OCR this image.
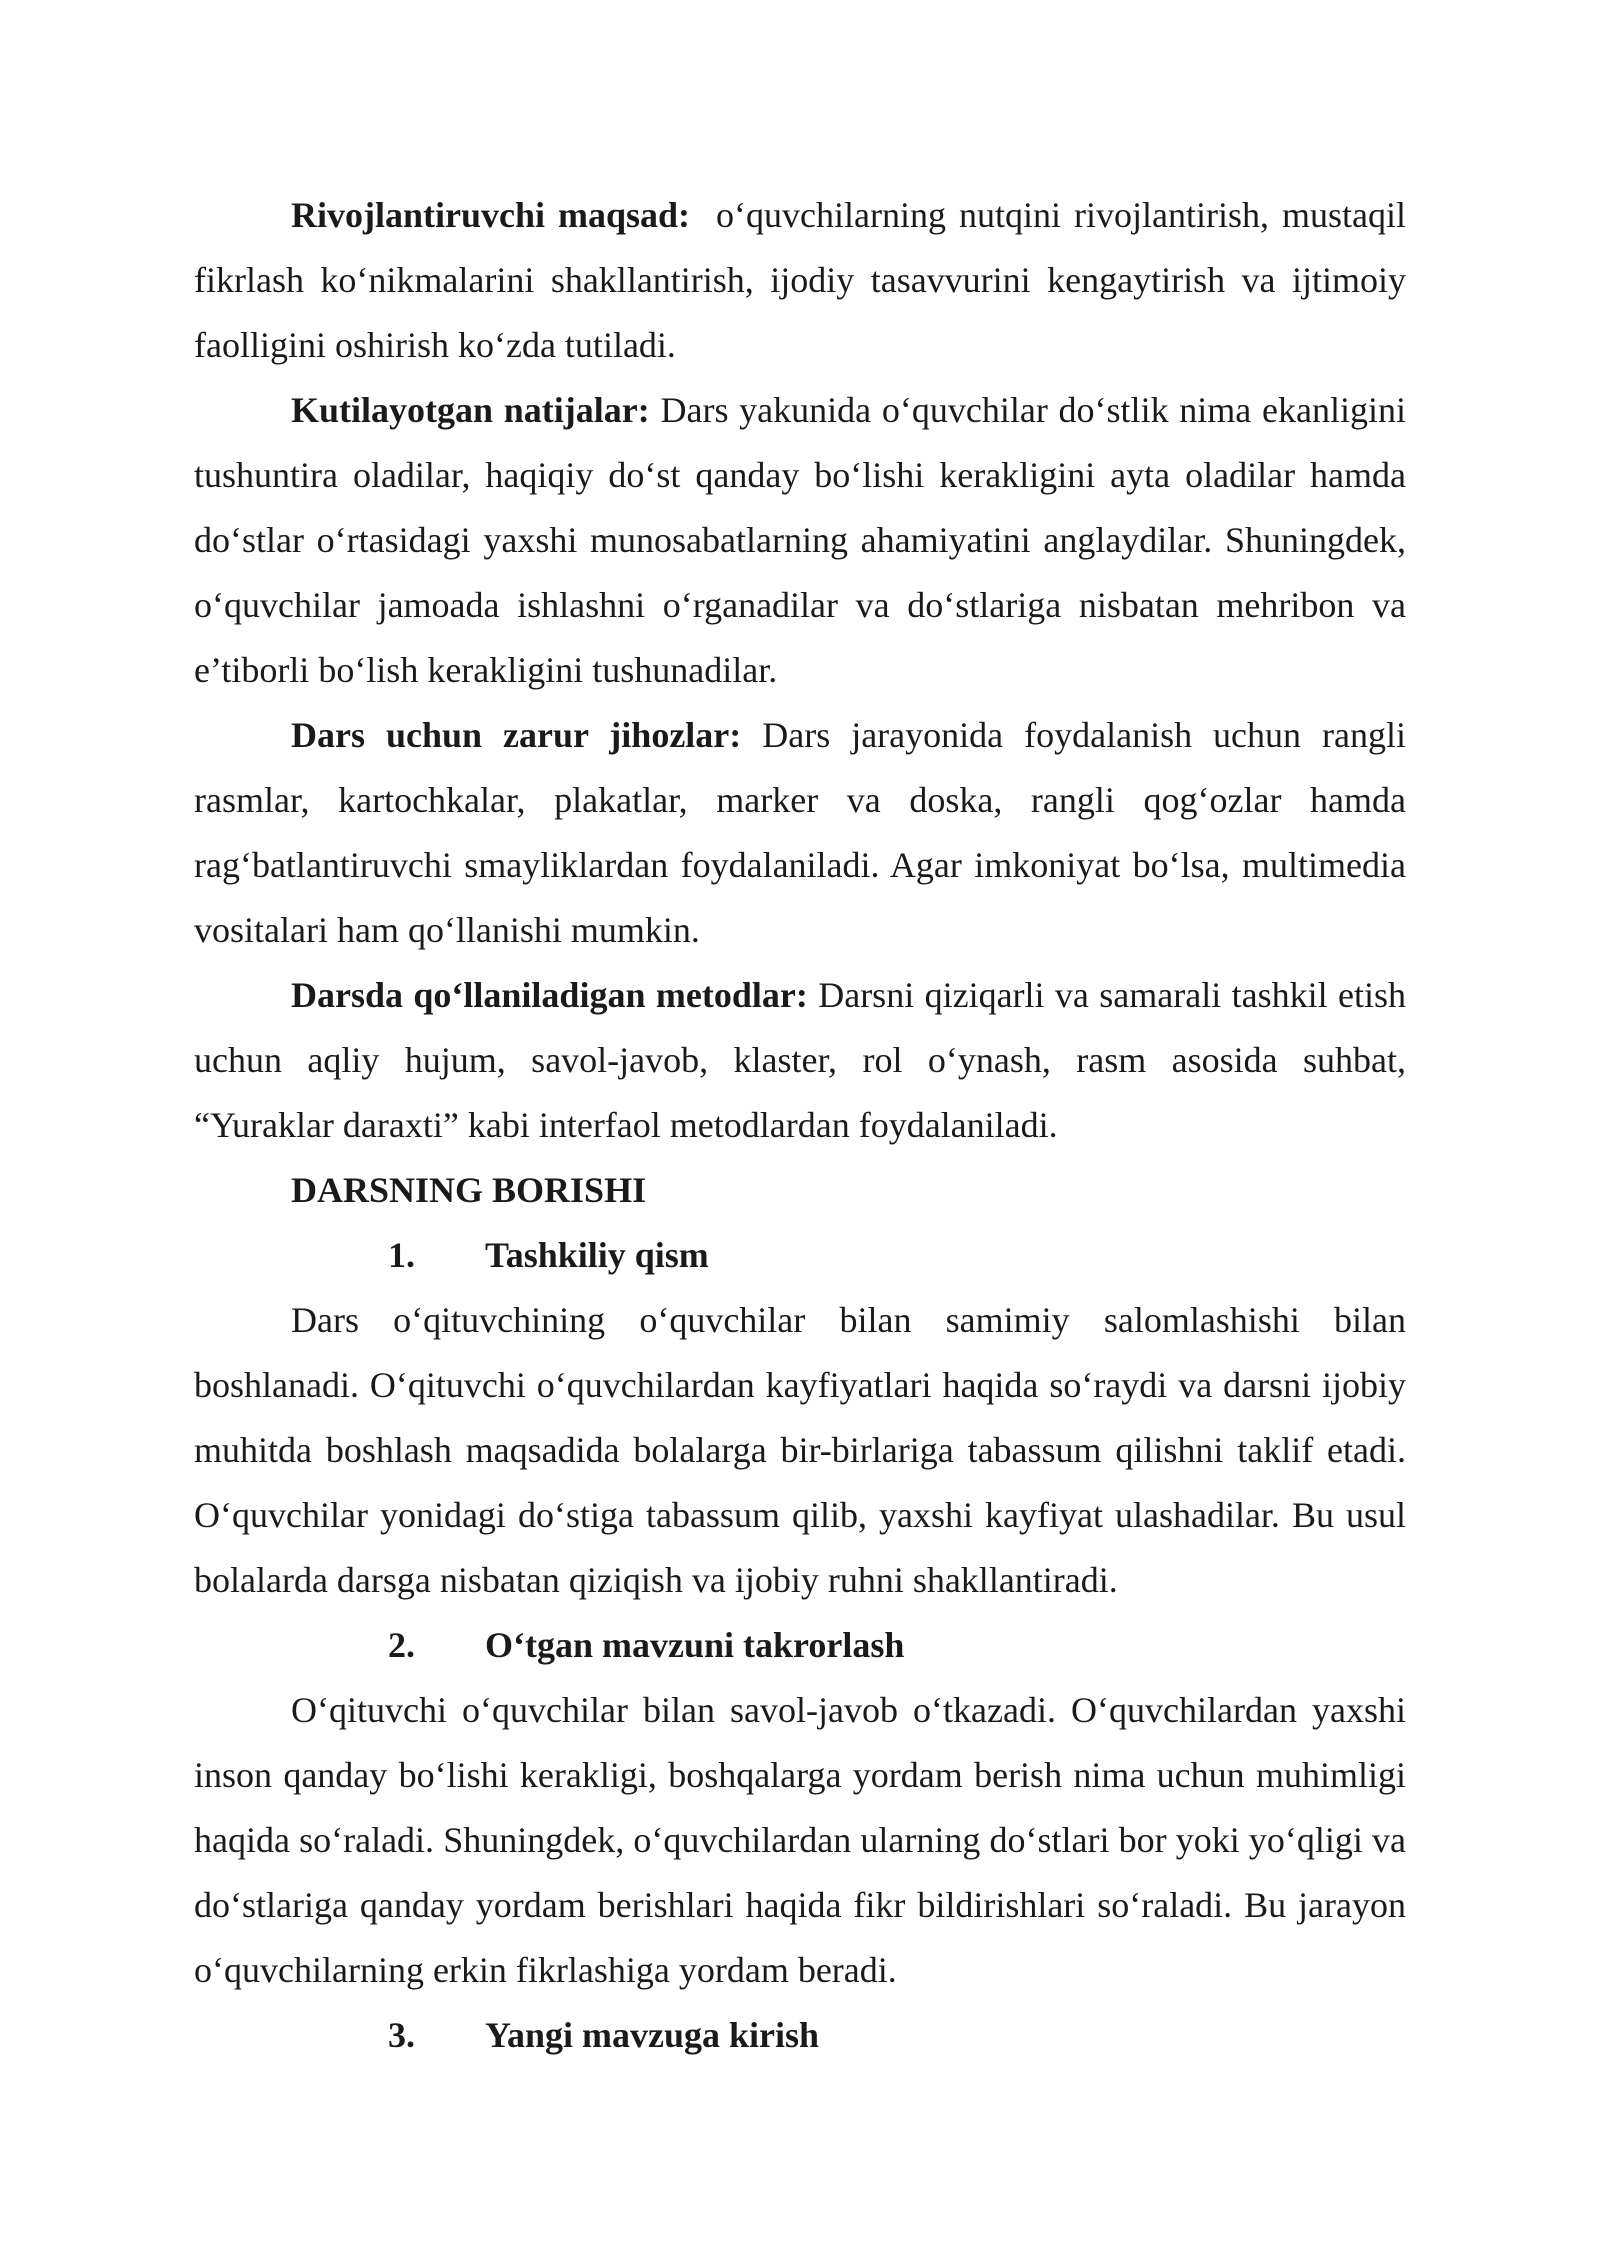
Rivojlantiruvchi maqsad:  o‘quvchilarning nutqini rivojlantirish, mustaqil fikrlash ko‘nikmalarini shakllantirish, ijodiy tasavvurini kengaytirish va ijtimoiy faolligini oshirish ko‘zda tutiladi.

Kutilayotgan natijalar: Dars yakunida o‘quvchilar do‘stlik nima ekanligini tushuntira oladilar, haqiqiy do‘st qanday bo‘lishi kerakligini ayta oladilar hamda do‘stlar o‘rtasidagi yaxshi munosabatlarning ahamiyatini anglaydilar. Shuningdek, o‘quvchilar jamoada ishlashni o‘rganadilar va do‘stlariga nisbatan mehribon va e’tiborli bo‘lish kerakligini tushunadilar.

Dars uchun zarur jihozlar: Dars jarayonida foydalanish uchun rangli rasmlar, kartochkalar, plakatlar, marker va doska, rangli qog‘ozlar hamda rag‘batlantiruvchi smayliklardan foydalaniladi. Agar imkoniyat bo‘lsa, multimedia vositalari ham qo‘llanishi mumkin.

Darsda qo‘llaniladigan metodlar: Darsni qiziqarli va samarali tashkil etish uchun aqliy hujum, savol-javob, klaster, rol o‘ynash, rasm asosida suhbat, “Yuraklar daraxti” kabi interfaol metodlardan foydalaniladi.

DARSNING BORISHI

1.	Tashkiliy qism

Dars o‘qituvchining o‘quvchilar bilan samimiy salomlashishi bilan boshlanadi. O‘qituvchi o‘quvchilardan kayfiyatlari haqida so‘raydi va darsni ijobiy muhitda boshlash maqsadida bolalarga bir-birlariga tabassum qilishni taklif etadi. O‘quvchilar yonidagi do‘stiga tabassum qilib, yaxshi kayfiyat ulashadilar. Bu usul bolalarda darsga nisbatan qiziqish va ijobiy ruhni shakllantiradi.

2.	O‘tgan mavzuni takrorlash

O‘qituvchi o‘quvchilar bilan savol-javob o‘tkazadi. O‘quvchilardan yaxshi inson qanday bo‘lishi kerakligi, boshqalarga yordam berish nima uchun muhimligi haqida so‘raladi. Shuningdek, o‘quvchilardan ularning do‘stlari bor yoki yo‘qligi va do‘stlariga qanday yordam berishlari haqida fikr bildirishlari so‘raladi. Bu jarayon o‘quvchilarning erkin fikrlashiga yordam beradi.

3.	Yangi mavzuga kirish
